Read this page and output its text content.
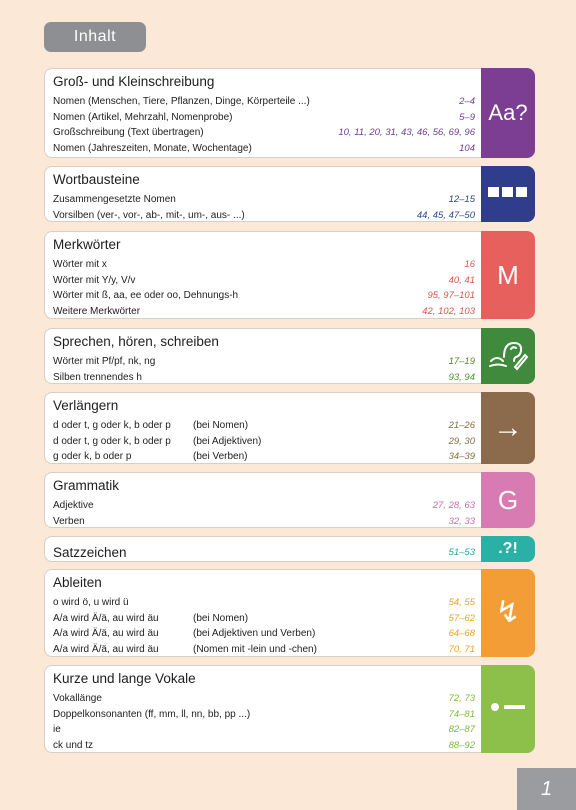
Inhalt
Groß- und Kleinschreibung
Nomen (Menschen, Tiere, Pflanzen, Dinge, Körperteile ...)	2–4
Nomen (Artikel, Mehrzahl, Nomenprobe)	5–9
Großschreibung (Text übertragen)	10, 11, 20, 31, 43, 46, 56, 69, 96
Nomen (Jahreszeiten, Monate, Wochentage)	104
Aa?
Wortbausteine
Zusammengesetzte Nomen	12–15
Vorsilben (ver-, vor-, ab-, mit-, um-, aus- ...)	44, 45, 47–50
Merkwörter
Wörter mit x	16
Wörter mit Y/y, V/v	40, 41
Wörter mit ß, aa, ee oder oo, Dehnungs-h	95, 97–101
Weitere Merkwörter	42, 102, 103
M
Sprechen, hören, schreiben
Wörter mit Pf/pf, nk, ng	17–19
Silben trennendes h	93, 94
Verlängern
d oder t, g oder k, b oder p (bei Nomen)	21–26
d oder t, g oder k, b oder p (bei Adjektiven)	29, 30
g oder k, b oder p	(bei Verben)	34–39
→
Grammatik
Adjektive	27, 28, 63
Verben	32, 33
G
Satzzeichen	51–53 .?!
Ableiten
o wird ö, u wird ü	54, 55
A/a wird Ä/ä, au wird äu	(bei Nomen)	57–62
A/a wird Ä/ä, au wird äu	(bei Adjektiven und Verben)	64–68
A/a wird Ä/ä, au wird äu	(Nomen mit -lein und -chen)	70, 71
↯
Kurze und lange Vokale
Vokallänge	72, 73
Doppelkonsonanten (ff, mm, ll, nn, bb, pp ...)	74–81
ie	82–87
ck und tz	88–92
1
